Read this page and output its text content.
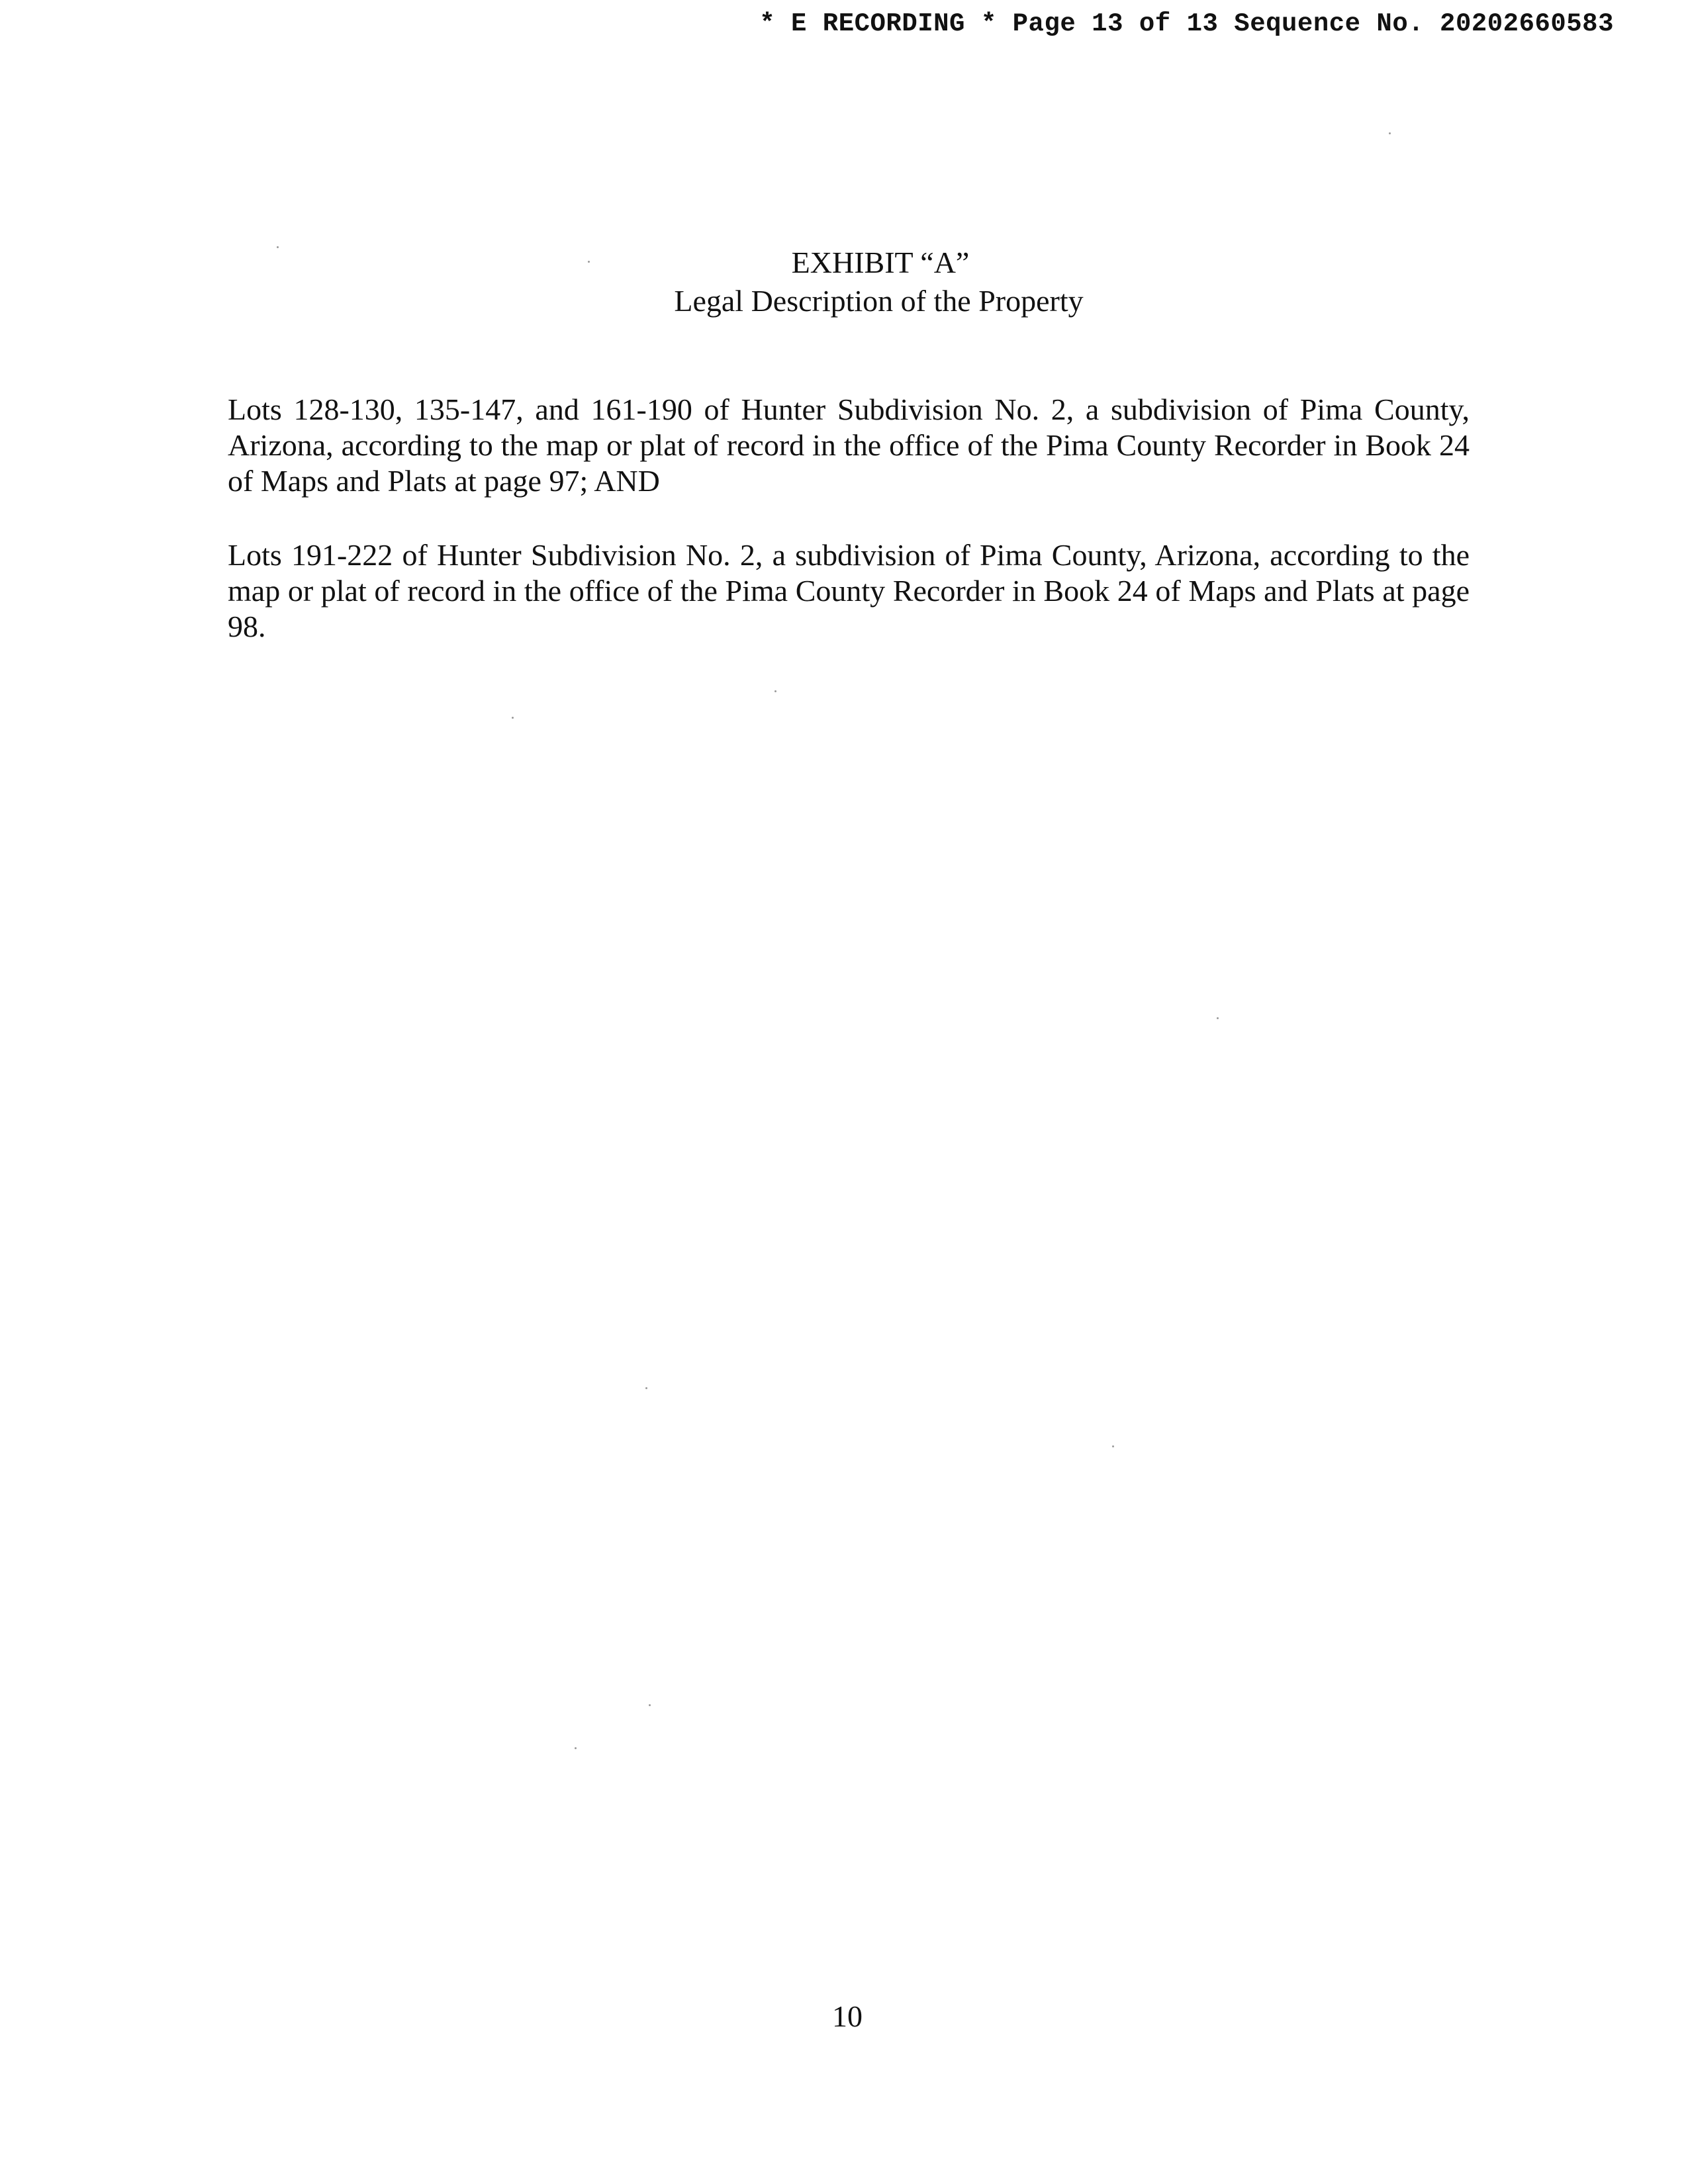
* E RECORDING * Page 13 of 13 Sequence No. 20202660583
EXHIBIT “A”
Legal Description of the Property

Lots 128-130, 135-147, and 161-190 of Hunter Subdivision No. 2, a subdivision of Pima County, Arizona, according to the map or plat of record in the office of the Pima County Recorder in Book 24 of Maps and Plats at page 97; AND

Lots 191-222 of Hunter Subdivision No. 2, a subdivision of Pima County, Arizona, according to the map or plat of record in the office of the Pima County Recorder in Book 24 of Maps and Plats at page 98.

10
